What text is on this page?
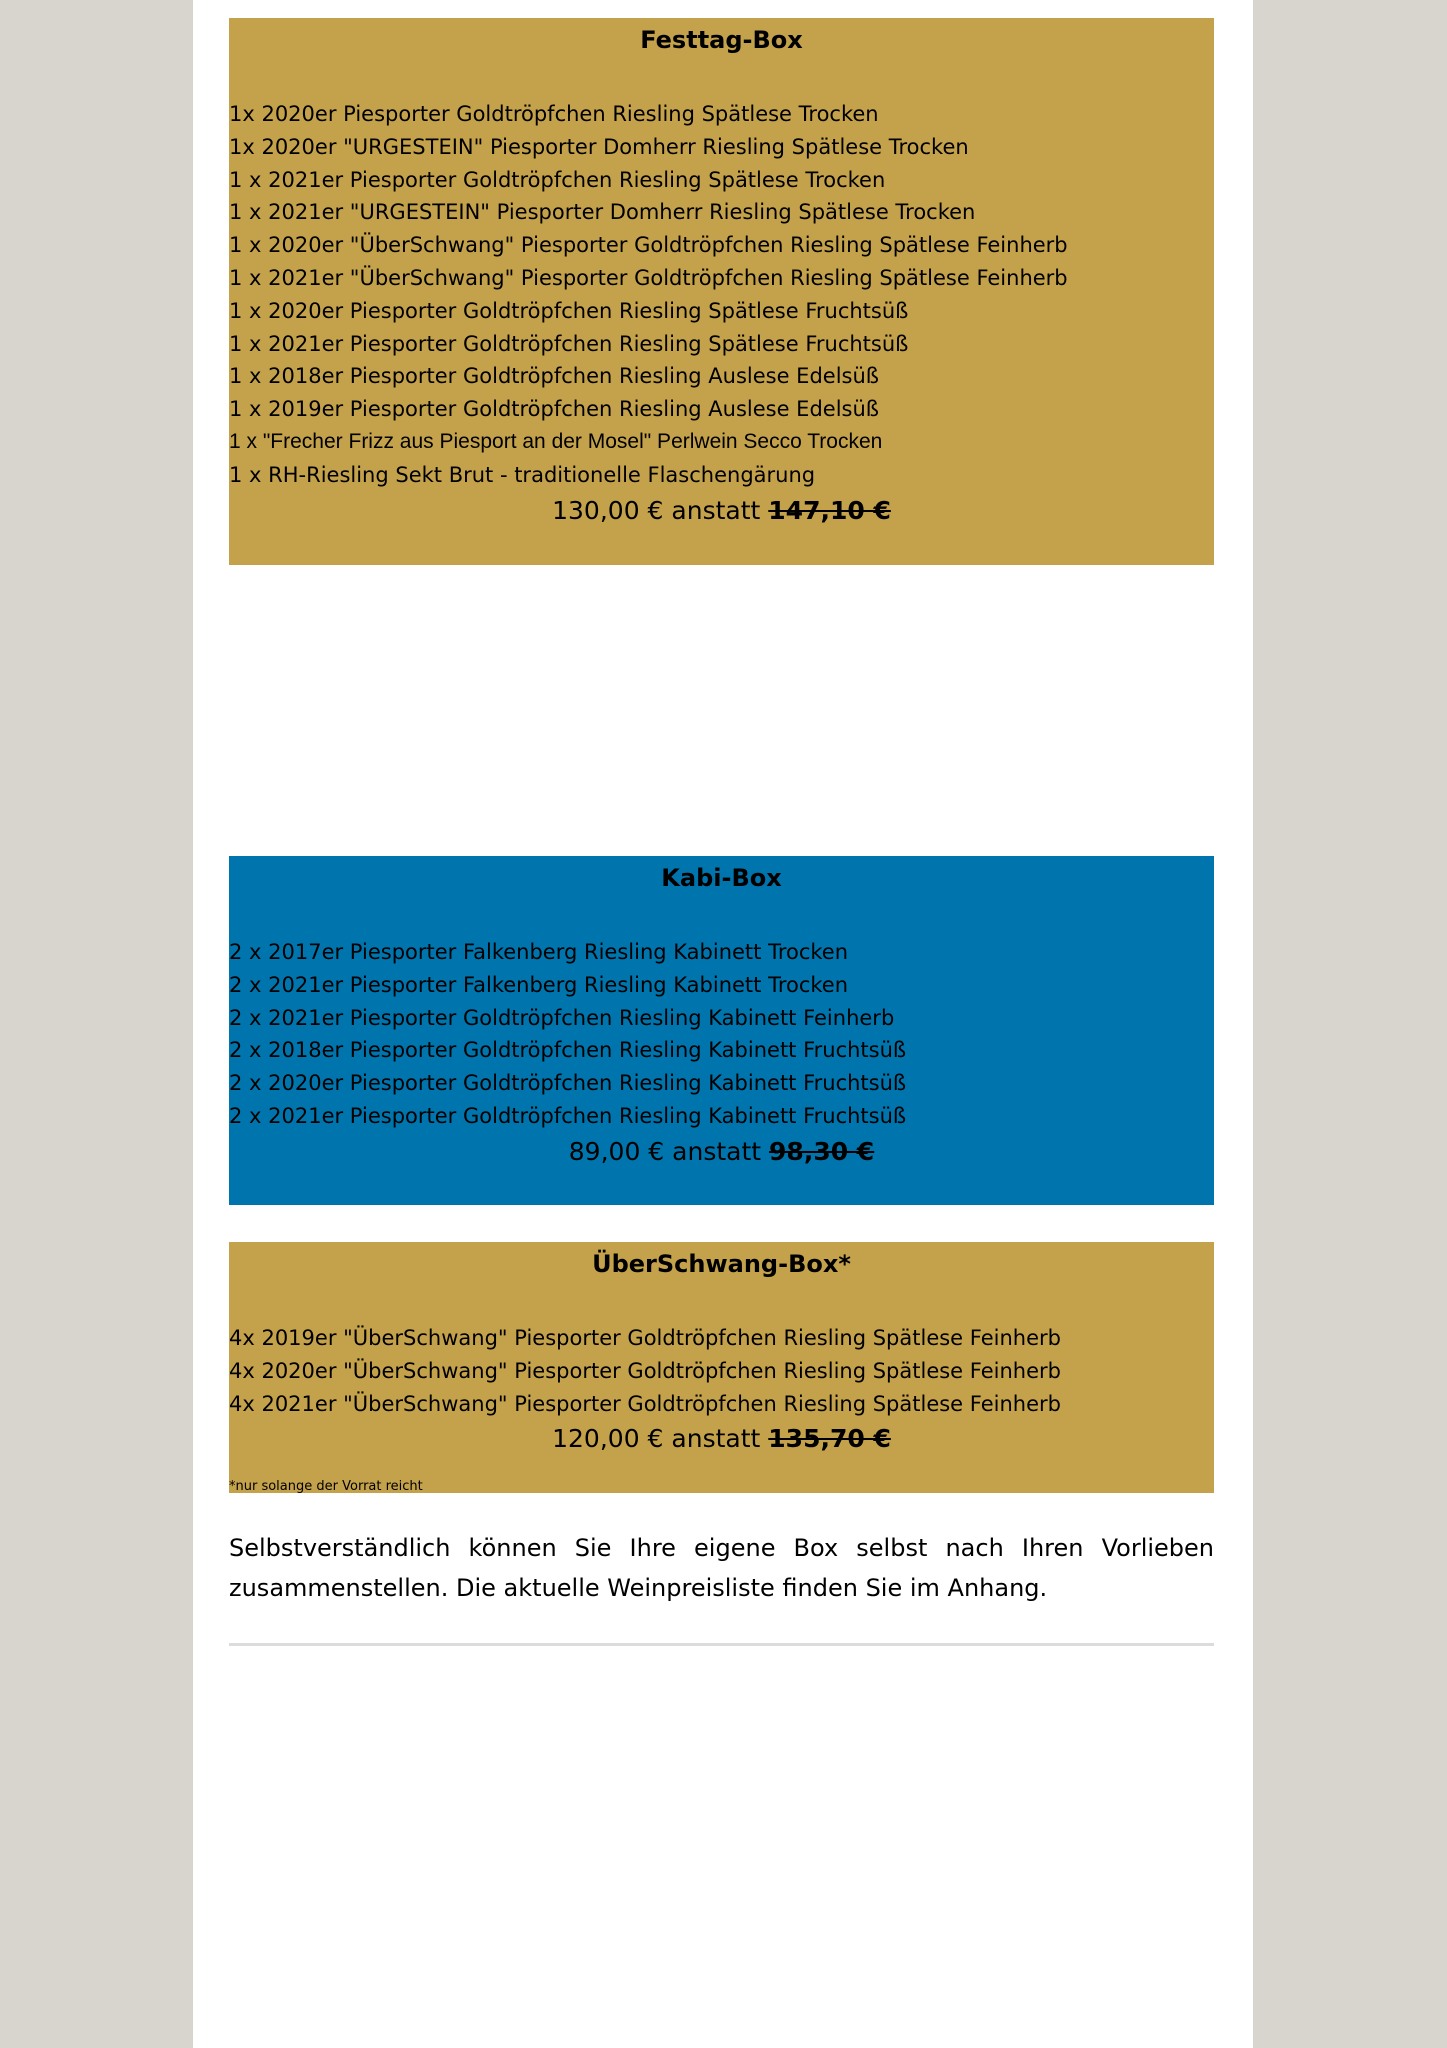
Festtag-Box
1x 2020er Piesporter Goldtröpfchen Riesling Spätlese Trocken
1x 2020er "URGESTEIN" Piesporter Domherr Riesling Spätlese Trocken
1 x 2021er Piesporter Goldtröpfchen Riesling Spätlese Trocken
1 x 2021er "URGESTEIN" Piesporter Domherr Riesling Spätlese Trocken
1 x 2020er "ÜberSchwang" Piesporter Goldtröpfchen Riesling Spätlese Feinherb
1 x 2021er "ÜberSchwang" Piesporter Goldtröpfchen Riesling Spätlese Feinherb
1 x 2020er Piesporter Goldtröpfchen Riesling Spätlese Fruchtsüß
1 x 2021er Piesporter Goldtröpfchen Riesling Spätlese Fruchtsüß
1 x 2018er Piesporter Goldtröpfchen Riesling Auslese Edelsüß
1 x 2019er Piesporter Goldtröpfchen Riesling Auslese Edelsüß
1 x "Frecher Frizz aus Piesport an der Mosel" Perlwein Secco Trocken
1 x RH-Riesling Sekt Brut - traditionelle Flaschengärung
130,00 € anstatt 147,10 €
Kabi-Box
2 x 2017er Piesporter Falkenberg Riesling Kabinett Trocken
2 x 2021er Piesporter Falkenberg Riesling Kabinett Trocken
2 x 2021er Piesporter Goldtröpfchen Riesling Kabinett Feinherb
2 x 2018er Piesporter Goldtröpfchen Riesling Kabinett Fruchtsüß
2 x 2020er Piesporter Goldtröpfchen Riesling Kabinett Fruchtsüß
2 x 2021er Piesporter Goldtröpfchen Riesling Kabinett Fruchtsüß
89,00 € anstatt 98,30 €
ÜberSchwang-Box*
4x 2019er "ÜberSchwang" Piesporter Goldtröpfchen Riesling Spätlese Feinherb
4x 2020er "ÜberSchwang" Piesporter Goldtröpfchen Riesling Spätlese Feinherb
4x 2021er "ÜberSchwang" Piesporter Goldtröpfchen Riesling Spätlese Feinherb
120,00 € anstatt 135,70 €
*nur solange der Vorrat reicht

Selbstverständlich können Sie Ihre eigene Box selbst nach Ihren Vorlieben zusammenstellen. Die aktuelle Weinpreisliste finden Sie im Anhang.
